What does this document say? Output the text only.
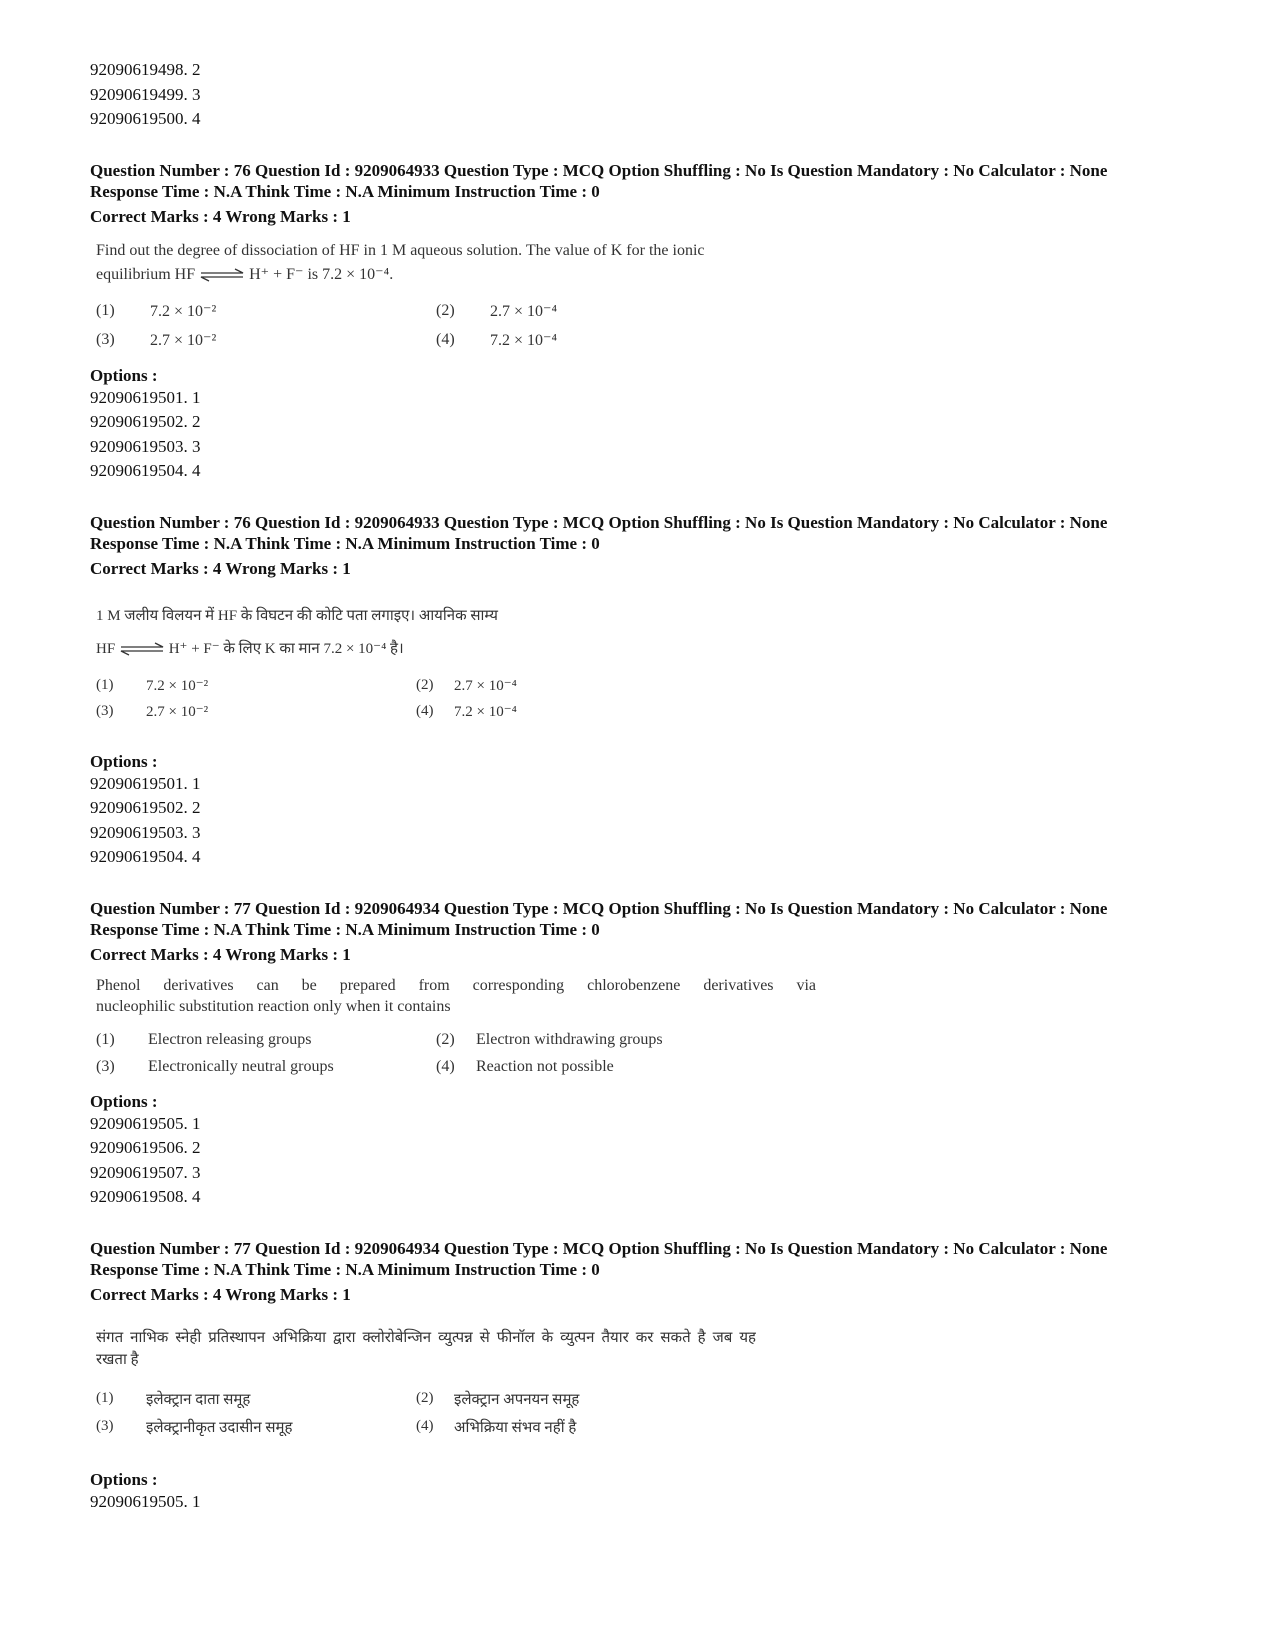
92090619498. 2

92090619499. 3

92090619500. 4

Question Number : 76 Question Id : 9209064933 Question Type : MCQ Option Shuffling : No Is Question Mandatory : No Calculator : None

Response Time : N.A Think Time : N.A Minimum Instruction Time : 0

Correct Marks : 4 Wrong Marks : 1

Find out the degree of dissociation of HF in 1 M aqueous solution. The value of K for the ionic
equilibrium HF ⇌ H⁺ + F⁻ is 7.2 × 10⁻⁴.
(1)	7.2 × 10⁻²	(2)	2.7 × 10⁻⁴
(3)	2.7 × 10⁻²	(4)	7.2 × 10⁻⁴

Options :

92090619501. 1

92090619502. 2

92090619503. 3

92090619504. 4

Question Number : 76 Question Id : 9209064933 Question Type : MCQ Option Shuffling : No Is Question Mandatory : No Calculator : None

Response Time : N.A Think Time : N.A Minimum Instruction Time : 0

Correct Marks : 4 Wrong Marks : 1

1 M जलीय विलयन में HF के विघटन की कोटि पता लगाइए। आयनिक साम्य
HF ⇌ H⁺ + F⁻ के लिए K का मान 7.2 × 10⁻⁴ है।
(1)	7.2 × 10⁻²	(2)	2.7 × 10⁻⁴
(3)	2.7 × 10⁻²	(4)	7.2 × 10⁻⁴

Options :

92090619501. 1

92090619502. 2

92090619503. 3

92090619504. 4

Question Number : 77 Question Id : 9209064934 Question Type : MCQ Option Shuffling : No Is Question Mandatory : No Calculator : None

Response Time : N.A Think Time : N.A Minimum Instruction Time : 0

Correct Marks : 4 Wrong Marks : 1

Phenol derivatives can be prepared from corresponding chlorobenzene derivatives via
nucleophilic substitution reaction only when it contains
(1)	Electron releasing groups	(2)	Electron withdrawing groups
(3)	Electronically neutral groups	(4)	Reaction not possible

Options :

92090619505. 1

92090619506. 2

92090619507. 3

92090619508. 4

Question Number : 77 Question Id : 9209064934 Question Type : MCQ Option Shuffling : No Is Question Mandatory : No Calculator : None

Response Time : N.A Think Time : N.A Minimum Instruction Time : 0

Correct Marks : 4 Wrong Marks : 1

संगत नाभिक स्नेही प्रतिस्थापन अभिक्रिया द्वारा क्लोरोबेन्जिन व्युत्पन्न से फीनॉल के व्युत्पन तैयार कर सकते है जब यह
रखता है
(1)	इलेक्ट्रान दाता समूह	(2)	इलेक्ट्रान अपनयन समूह
(3)	इलेक्ट्रानीकृत उदासीन समूह	(4)	अभिक्रिया संभव नहीं है

Options :

92090619505. 1
